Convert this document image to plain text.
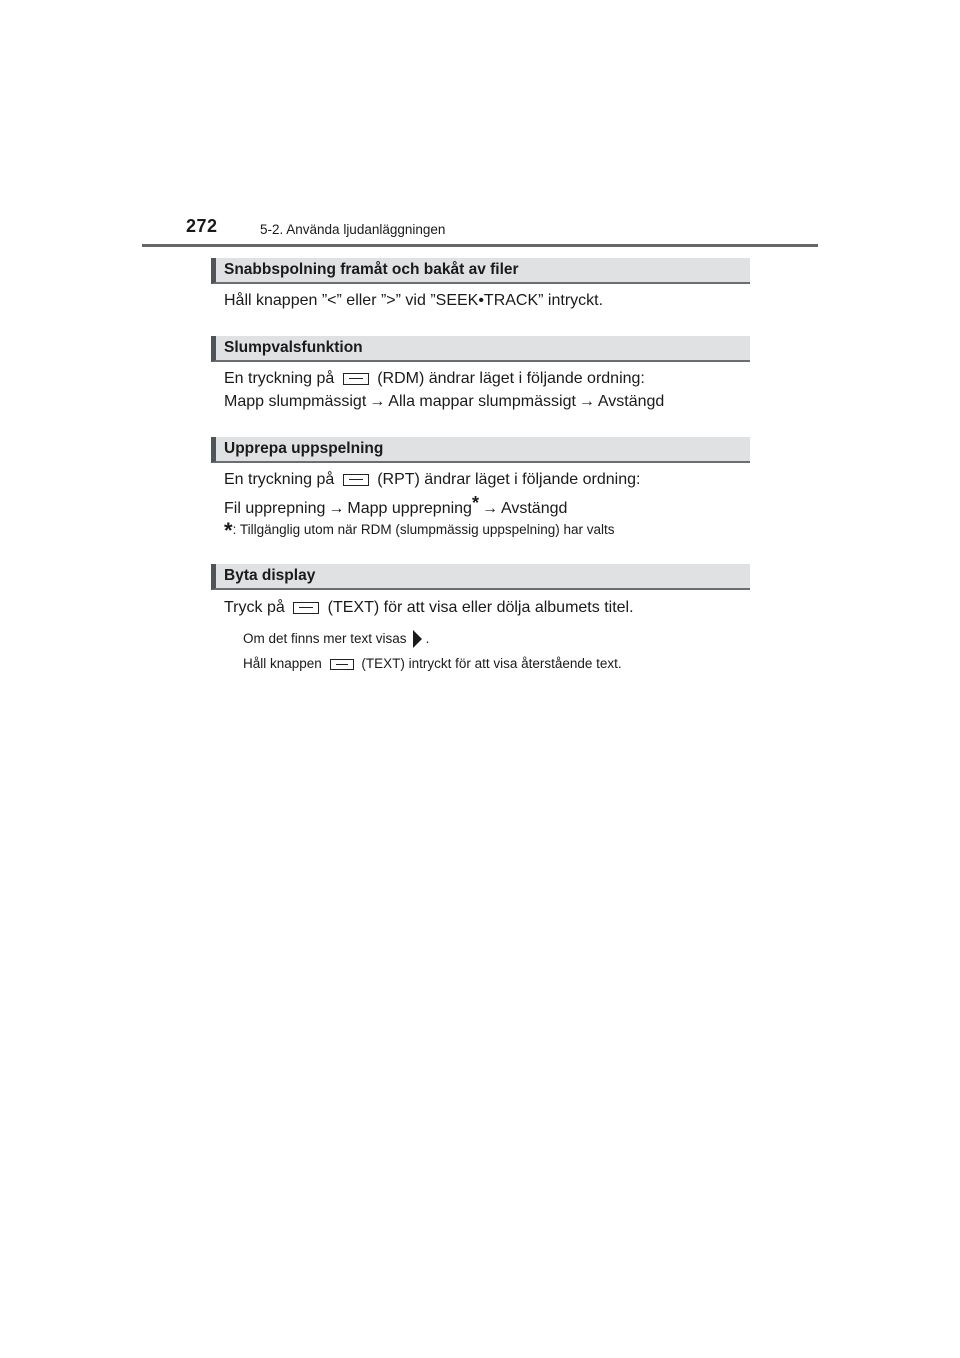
272	5-2. Använda ljudanläggningen
Snabbspolning framåt och bakåt av filer
Håll knappen ”<” eller ”>” vid ”SEEK•TRACK” intryckt.
Slumpvalsfunktion
En tryckning på	(RDM) ändrar läget i följande ordning:
Mapp slumpmässigt → Alla mappar slumpmässigt → Avstängd
Upprepa uppspelning
En tryckning på	(RPT) ändrar läget i följande ordning:
Fil upprepning → Mapp upprepning* → Avstängd
*: Tillgänglig utom när RDM (slumpmässig uppspelning) har valts
Byta display
Tryck på	(TEXT) för att visa eller dölja albumets titel.
Om det finns mer text visas .
Håll knappen	(TEXT) intryckt för att visa återstående text.
